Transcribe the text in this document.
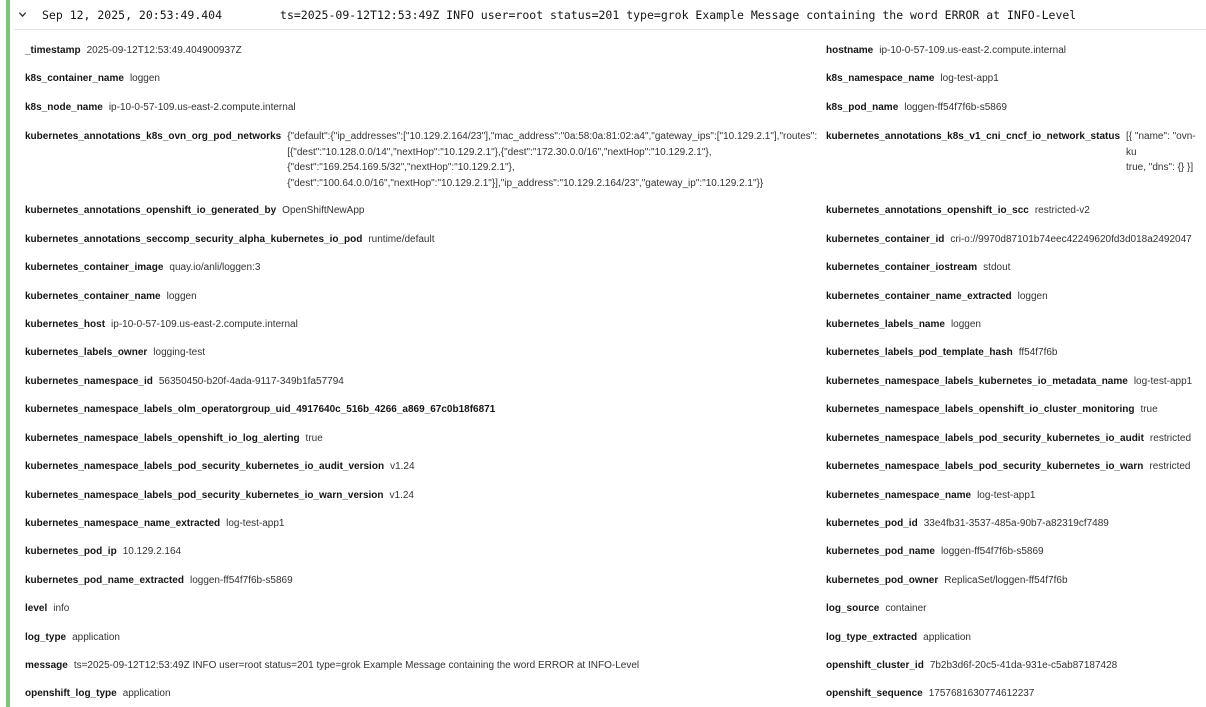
Sep 12, 2025, 20:53:49.404	ts=2025-09-12T12:53:49Z INFO user=root status=201 type=grok Example Message containing the word ERROR at INFO-Level
_timestamp 2025-09-12T12:53:49.404900937Z
k8s_container_name loggen
k8s_node_name ip-10-0-57-109.us-east-2.compute.internal
kubernetes_annotations_k8s_ovn_org_pod_networks {"default":{"ip_addresses":["10.129.2.164/23"],"mac_address":"0a:58:0a:81:02:a4","gateway_ips":["10.129.2.1"],"routes":
[{"dest":"10.128.0.0/14","nextHop":"10.129.2.1"},{"dest":"172.30.0.0/16","nextHop":"10.129.2.1"},
{"dest":"169.254.169.5/32","nextHop":"10.129.2.1"},
{"dest":"100.64.0.0/16","nextHop":"10.129.2.1"}],"ip_address":"10.129.2.164/23","gateway_ip":"10.129.2.1"}}
kubernetes_annotations_openshift_io_generated_by OpenShiftNewApp
kubernetes_annotations_seccomp_security_alpha_kubernetes_io_pod runtime/default
kubernetes_container_image quay.io/anli/loggen:3
kubernetes_container_name loggen
kubernetes_host ip-10-0-57-109.us-east-2.compute.internal
kubernetes_labels_owner logging-test
kubernetes_namespace_id 56350450-b20f-4ada-9117-349b1fa57794
kubernetes_namespace_labels_olm_operatorgroup_uid_4917640c_516b_4266_a869_67c0b18f6871
kubernetes_namespace_labels_openshift_io_log_alerting true
kubernetes_namespace_labels_pod_security_kubernetes_io_audit_version v1.24
kubernetes_namespace_labels_pod_security_kubernetes_io_warn_version v1.24
kubernetes_namespace_name_extracted log-test-app1
kubernetes_pod_ip 10.129.2.164
kubernetes_pod_name_extracted loggen-ff54f7f6b-s5869
level info
log_type application
message ts=2025-09-12T12:53:49Z INFO user=root status=201 type=grok Example Message containing the word ERROR at INFO-Level
openshift_log_type application
hostname ip-10-0-57-109.us-east-2.compute.internal
k8s_namespace_name log-test-app1
k8s_pod_name loggen-ff54f7f6b-s5869
kubernetes_annotations_k8s_v1_cni_cncf_io_network_status [{ "name": "ovn-ku
true, "dns": {} }]
kubernetes_annotations_openshift_io_scc restricted-v2
kubernetes_container_id cri-o://9970d87101b74eec42249620fd3d018a2492047
kubernetes_container_iostream stdout
kubernetes_container_name_extracted loggen
kubernetes_labels_name loggen
kubernetes_labels_pod_template_hash ff54f7f6b
kubernetes_namespace_labels_kubernetes_io_metadata_name log-test-app1
kubernetes_namespace_labels_openshift_io_cluster_monitoring true
kubernetes_namespace_labels_pod_security_kubernetes_io_audit restricted
kubernetes_namespace_labels_pod_security_kubernetes_io_warn restricted
kubernetes_namespace_name log-test-app1
kubernetes_pod_id 33e4fb31-3537-485a-90b7-a82319cf7489
kubernetes_pod_name loggen-ff54f7f6b-s5869
kubernetes_pod_owner ReplicaSet/loggen-ff54f7f6b
log_source container
log_type_extracted application
openshift_cluster_id 7b2b3d6f-20c5-41da-931e-c5ab87187428
openshift_sequence 1757681630774612237
